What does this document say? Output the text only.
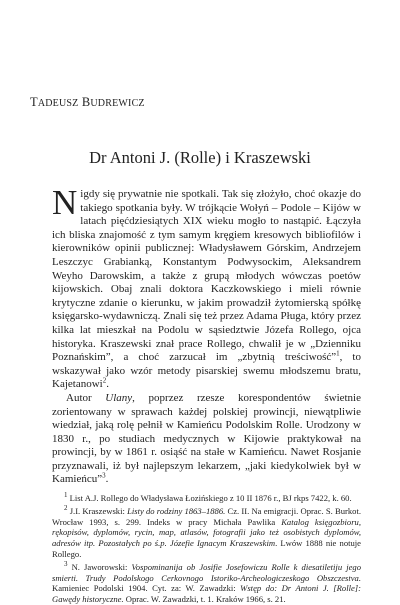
TADEUSZ BUDREWICZ
Dr Antoni J. (Rolle) i Kraszewski

Nigdy się prywatnie nie spotkali. Tak się złożyło, choć okazje do takiego spotkania były. W trójkącie Wołyń – Podole – Kijów w latach pięćdziesiątych XIX wieku mogło to nastąpić. Łączyła ich bliska znajomość z tym samym kręgiem kresowych bibliofilów i kierowników opinii publicznej: Władysławem Górskim, Andrzejem Leszczyc Grabianką, Konstantym Podwysockim, Aleksandrem Weyho Darowskim, a także z grupą młodych wówczas poetów kijowskich. Obaj znali doktora Kaczkowskiego i mieli równie krytyczne zdanie o kierunku, w jakim prowadził żytomierską spółkę księgarsko-wydawniczą. Znali się też przez Adama Pługa, który przez kilka lat mieszkał na Podolu w sąsiedztwie Józefa Rollego, ojca historyka. Kraszewski znał prace Rollego, chwalił je w „Dzienniku Poznańskim”, a choć zarzucał im „zbytnią treściwość”$^1$, to wskazywał jako wzór metody pisarskiej swemu młodszemu bratu, Kajetanowi$^2$.

Autor Ulany, poprzez rzesze korespondentów świetnie zorientowany w sprawach każdej polskiej prowincji, niewątpliwie wiedział, jaką rolę pełnił w Kamieńcu Podolskim Rolle. Urodzony w 1830 r., po studiach medycznych w Kijowie praktykował na prowincji, by w 1861 r. osiąść na stałe w Kamieńcu. Nawet Rosjanie przyznawali, iż był najlepszym lekarzem, „jaki kiedykolwiek był w Kamieńcu”$^3$.

$^1$ List A.J. Rollego do Władysława Łozińskiego z 10 II 1876 r., BJ rkps 7422, k. 60.

$^2$ J.I. Kraszewski: Listy do rodziny 1863–1886. Cz. II. Na emigracji. Oprac. S. Burkot. Wrocław 1993, s. 299. Indeks w pracy Michała Pawlika Katalog księgozbioru, rękopisów, dyplomów, rycin, map, atlasów, fotografii jako też osobistych dyplomów, adresów itp. Pozostałych po ś.p. Józefie Ignacym Kraszewskim. Lwów 1888 nie notuje Rollego.

$^3$ N. Jaworowski: Vospominanija ob Josifie Josefowiczu Rolle k diesatiletiju jego smierti. Trudy Podolskogo Cerkovnogo Istoriko-Archeologiczeskogo Obszczestva. Kamieniec Podolski 1904. Cyt. za: W. Zawadzki: Wstęp do: Dr Antoni J. [Rolle]: Gawędy historyczne. Oprac. W. Zawadzki, t. 1. Kraków 1966, s. 21.
